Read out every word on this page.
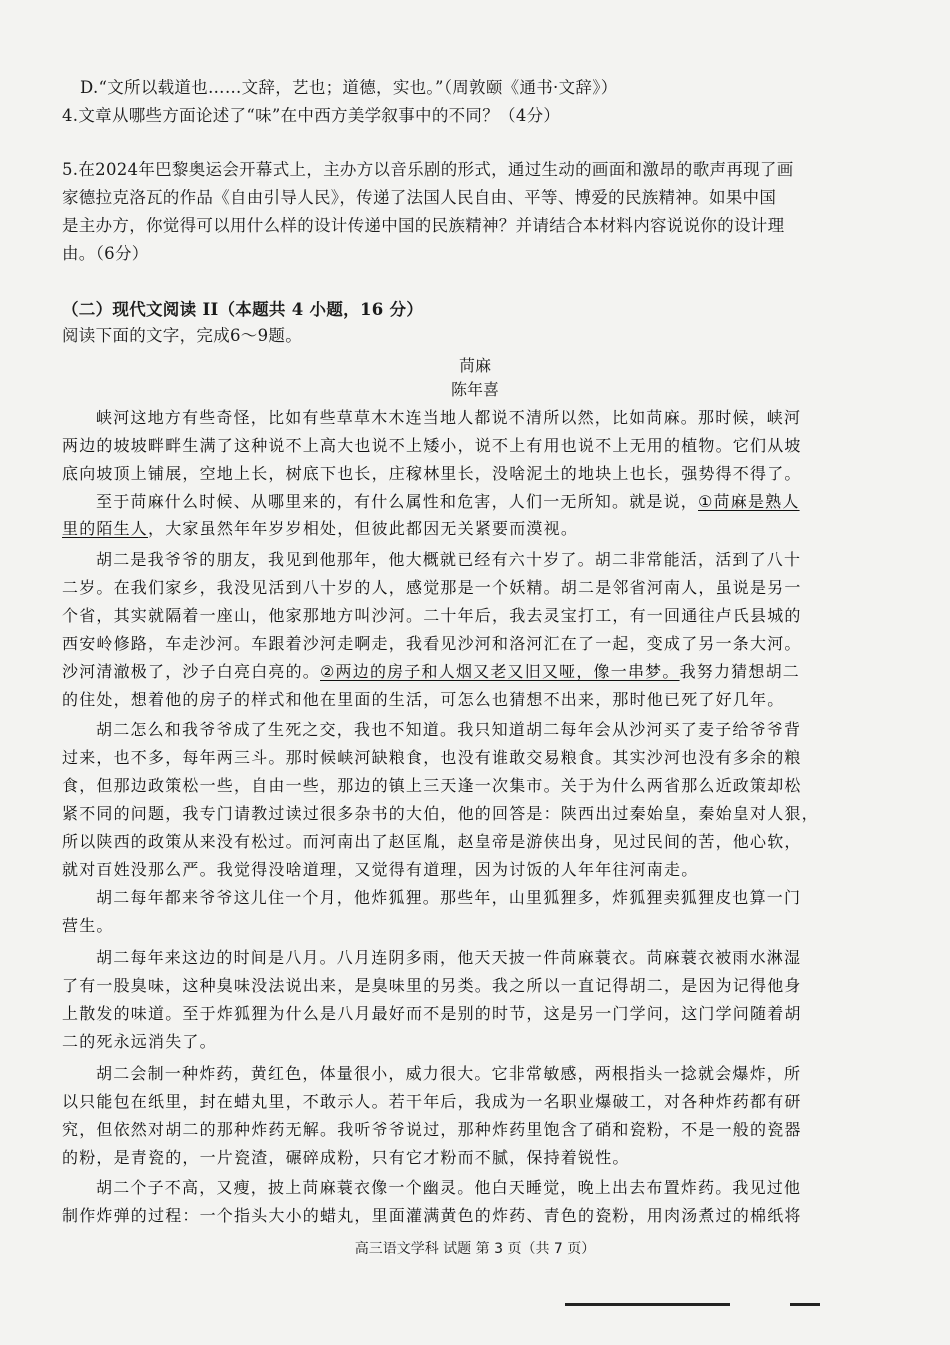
D.“文所以载道也……文辞，艺也；道德，实也。”（周敦颐《通书·文辞》）
4.文章从哪些方面论述了“味”在中西方美学叙事中的不同？（4分）
5.在2024年巴黎奥运会开幕式上，主办方以音乐剧的形式，通过生动的画面和激昂的歌声再现了画
家德拉克洛瓦的作品《自由引导人民》，传递了法国人民自由、平等、博爱的民族精神。如果中国
是主办方，你觉得可以用什么样的设计传递中国的民族精神？并请结合本材料内容说说你的设计理
由。（6分）
（二）现代文阅读 II（本题共 4 小题，16 分）
阅读下面的文字，完成6～9题。
苘麻
陈年喜
峡河这地方有些奇怪，比如有些草草木木连当地人都说不清所以然，比如苘麻。那时候，峡河
两边的坡坡畔畔生满了这种说不上高大也说不上矮小，说不上有用也说不上无用的植物。它们从坡
底向坡顶上铺展，空地上长，树底下也长，庄稼林里长，没啥泥土的地块上也长，强势得不得了。
至于苘麻什么时候、从哪里来的，有什么属性和危害，人们一无所知。就是说，①苘麻是熟人
里的陌生人，大家虽然年年岁岁相处，但彼此都因无关紧要而漠视。
胡二是我爷爷的朋友，我见到他那年，他大概就已经有六十岁了。胡二非常能活，活到了八十
二岁。在我们家乡，我没见活到八十岁的人，感觉那是一个妖精。胡二是邻省河南人，虽说是另一
个省，其实就隔着一座山，他家那地方叫沙河。二十年后，我去灵宝打工，有一回通往卢氏县城的
西安岭修路，车走沙河。车跟着沙河走啊走，我看见沙河和洛河汇在了一起，变成了另一条大河。
沙河清澈极了，沙子白亮白亮的。②两边的房子和人烟又老又旧又哑，像一串梦。我努力猜想胡二
的住处，想着他的房子的样式和他在里面的生活，可怎么也猜想不出来，那时他已死了好几年。
胡二怎么和我爷爷成了生死之交，我也不知道。我只知道胡二每年会从沙河买了麦子给爷爷背
过来，也不多，每年两三斗。那时候峡河缺粮食，也没有谁敢交易粮食。其实沙河也没有多余的粮
食，但那边政策松一些，自由一些，那边的镇上三天逢一次集市。关于为什么两省那么近政策却松
紧不同的问题，我专门请教过读过很多杂书的大伯，他的回答是：陕西出过秦始皇，秦始皇对人狠，
所以陕西的政策从来没有松过。而河南出了赵匡胤，赵皇帝是游侠出身，见过民间的苦，他心软，
就对百姓没那么严。我觉得没啥道理，又觉得有道理，因为讨饭的人年年往河南走。
胡二每年都来爷爷这儿住一个月，他炸狐狸。那些年，山里狐狸多，炸狐狸卖狐狸皮也算一门
营生。
胡二每年来这边的时间是八月。八月连阴多雨，他天天披一件苘麻蓑衣。苘麻蓑衣被雨水淋湿
了有一股臭味，这种臭味没法说出来，是臭味里的另类。我之所以一直记得胡二，是因为记得他身
上散发的味道。至于炸狐狸为什么是八月最好而不是别的时节，这是另一门学问，这门学问随着胡
二的死永远消失了。
胡二会制一种炸药，黄红色，体量很小，威力很大。它非常敏感，两根指头一捻就会爆炸，所
以只能包在纸里，封在蜡丸里，不敢示人。若干年后，我成为一名职业爆破工，对各种炸药都有研
究，但依然对胡二的那种炸药无解。我听爷爷说过，那种炸药里饱含了硝和瓷粉，不是一般的瓷器
的粉，是青瓷的，一片瓷渣，碾碎成粉，只有它才粉而不腻，保持着锐性。
胡二个子不高，又瘦，披上苘麻蓑衣像一个幽灵。他白天睡觉，晚上出去布置炸药。我见过他
制作炸弹的过程：一个指头大小的蜡丸，里面灌满黄色的炸药、青色的瓷粉，用肉汤煮过的棉纸将
高三语文学科 试题 第 3 页（共 7 页）
